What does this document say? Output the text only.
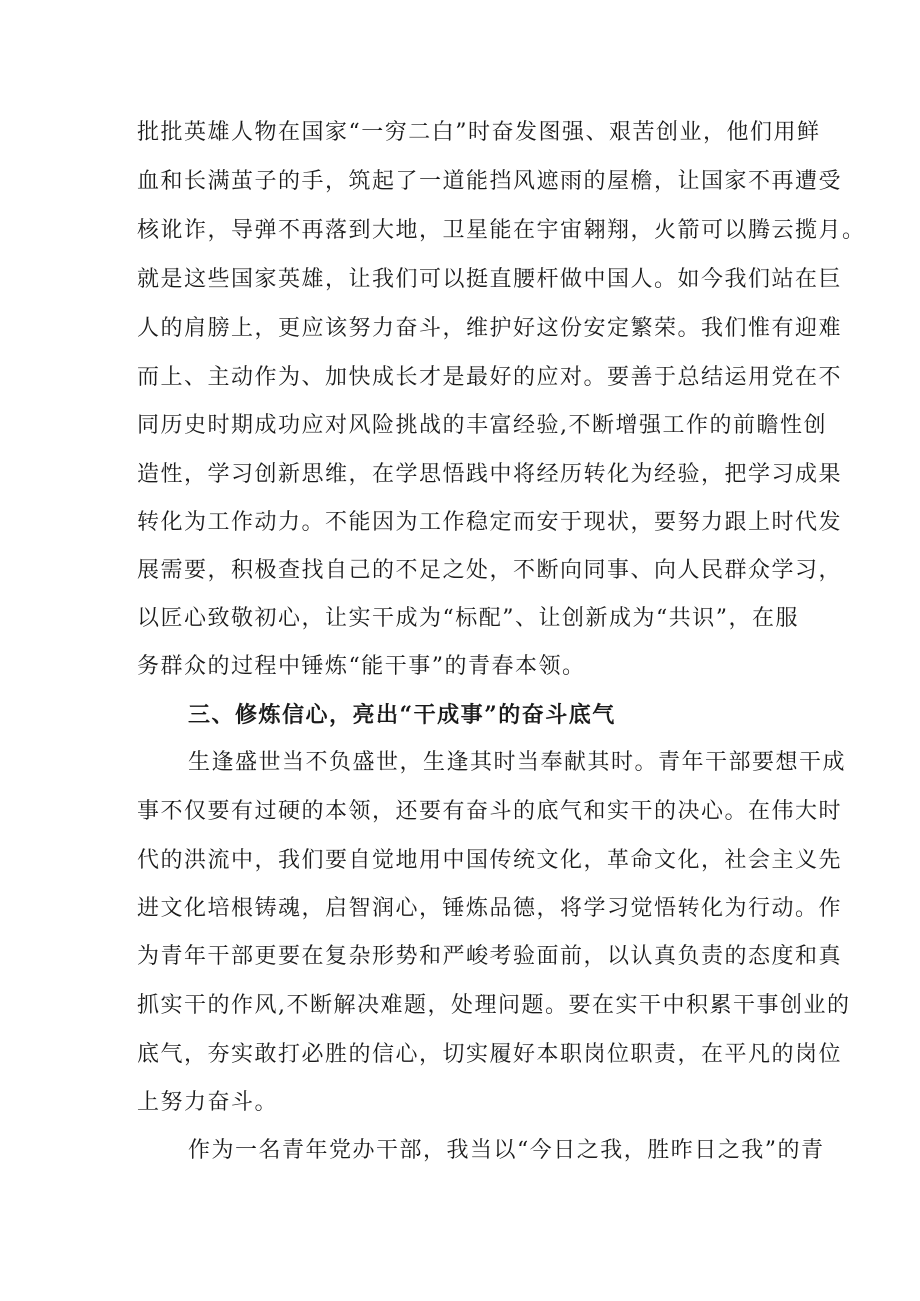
批批英雄人物在国家“一穷二白”时奋发图强、艰苦创业，他们用鲜
血和长满茧子的手，筑起了一道能挡风遮雨的屋檐，让国家不再遭受
核讹诈，导弹不再落到大地，卫星能在宇宙翱翔，火箭可以腾云揽月。
就是这些国家英雄，让我们可以挺直腰杆做中国人。如今我们站在巨
人的肩膀上，更应该努力奋斗，维护好这份安定繁荣。我们惟有迎难
而上、主动作为、加快成长才是最好的应对。要善于总结运用党在不
同历史时期成功应对风险挑战的丰富经验,不断增强工作的前瞻性创
造性，学习创新思维，在学思悟践中将经历转化为经验，把学习成果
转化为工作动力。不能因为工作稳定而安于现状，要努力跟上时代发
展需要，积极查找自己的不足之处，不断向同事、向人民群众学习，
以匠心致敬初心，让实干成为“标配”、让创新成为“共识”，在服
务群众的过程中锤炼“能干事”的青春本领。
三、修炼信心，亮出“干成事”的奋斗底气
生逢盛世当不负盛世，生逢其时当奉献其时。青年干部要想干成
事不仅要有过硬的本领，还要有奋斗的底气和实干的决心。在伟大时
代的洪流中，我们要自觉地用中国传统文化，革命文化，社会主义先
进文化培根铸魂，启智润心，锤炼品德，将学习觉悟转化为行动。作
为青年干部更要在复杂形势和严峻考验面前，以认真负责的态度和真
抓实干的作风,不断解决难题，处理问题。要在实干中积累干事创业的
底气，夯实敢打必胜的信心，切实履好本职岗位职责，在平凡的岗位
上努力奋斗。
作为一名青年党办干部，我当以“今日之我，胜昨日之我”的青
